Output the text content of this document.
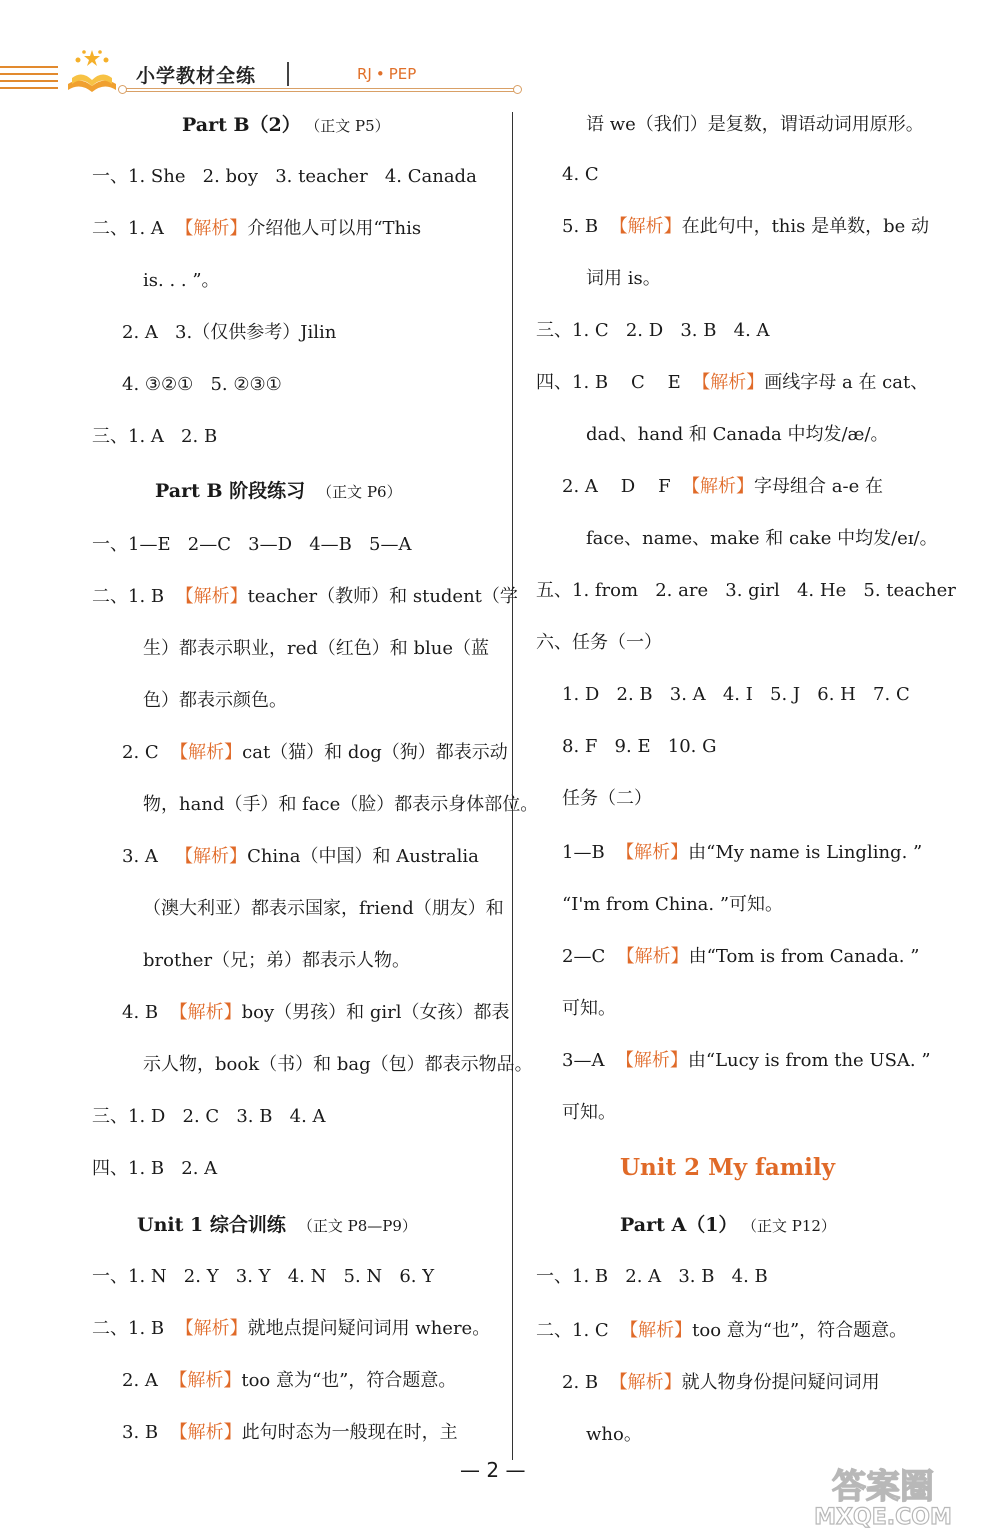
小学教材全练	RJ • PEP
Part B（2） （正文 P5）
一、1. She   2. boy   3. teacher   4. Canada
二、1. A  【解析】介绍他人可以用“This
is. . . ”。
2. A   3.（仅供参考）Jilin
4. ③②①   5. ②③①
三、1. A   2. B
Part B 阶段练习 （正文 P6）
一、1—E   2—C   3—D   4—B   5—A
二、1. B  【解析】teacher（教师）和 student（学
生）都表示职业，red（红色）和 blue（蓝
色）都表示颜色。
2. C  【解析】cat（猫）和 dog（狗）都表示动
物，hand（手）和 face（脸）都表示身体部位。
3. A   【解析】China（中国）和 Australia
（澳大利亚）都表示国家，friend（朋友）和
brother（兄；弟）都表示人物。
4. B  【解析】boy（男孩）和 girl（女孩）都表
示人物，book（书）和 bag（包）都表示物品。
三、1. D   2. C   3. B   4. A
四、1. B   2. A
Unit 1 综合训练 （正文 P8—P9）
一、1. N   2. Y   3. Y   4. N   5. N   6. Y
二、1. B  【解析】就地点提问疑问词用 where。
2. A  【解析】too 意为“也”，符合题意。
3. B  【解析】此句时态为一般现在时，主
语 we（我们）是复数，谓语动词用原形。
4. C
5. B  【解析】在此句中，this 是单数，be 动
词用 is。
三、1. C   2. D   3. B   4. A
四、1. B    C    E  【解析】画线字母 a 在 cat、
dad、hand 和 Canada 中均发/æ/。
2. A    D    F  【解析】字母组合 a-e 在
face、name、make 和 cake 中均发/eɪ/。
五、1. from   2. are   3. girl   4. He   5. teacher
六、任务（一）
1. D   2. B   3. A   4. I   5. J   6. H   7. C
8. F   9. E   10. G
任务（二）
1—B  【解析】由“My name is Lingling. ”
“I'm from China. ”可知。
2—C  【解析】由“Tom is from Canada. ”
可知。
3—A  【解析】由“Lucy is from the USA. ”
可知。
Unit 2 My family
Part A（1） （正文 P12）
一、1. B   2. A   3. B   4. B
二、1. C  【解析】too 意为“也”，符合题意。
2. B  【解析】就人物身份提问疑问词用
who。
— 2 —	答案圈
MXQE.COM
